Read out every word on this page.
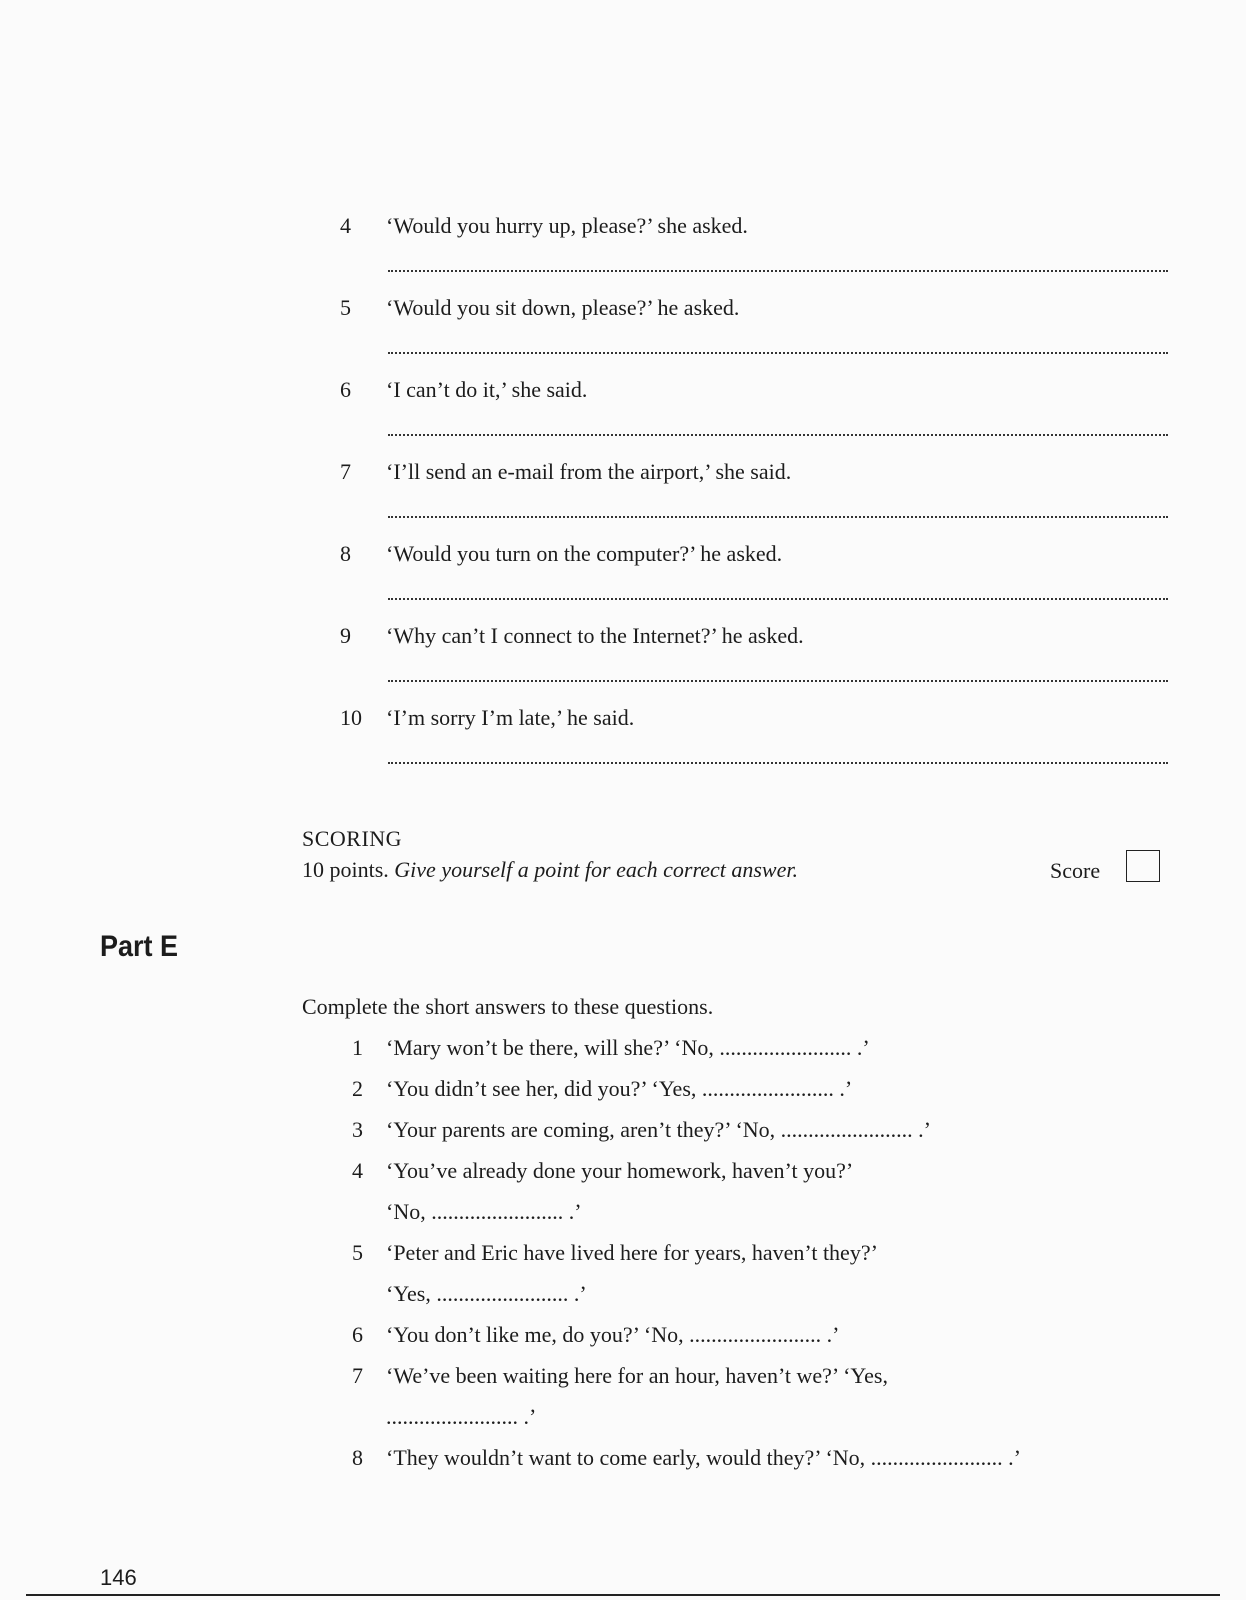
4	‘Would you hurry up, please?’ she asked.
5	‘Would you sit down, please?’ he asked.
6	‘I can’t do it,’ she said.
7	‘I’ll send an e-mail from the airport,’ she said.
8	‘Would you turn on the computer?’ he asked.
9	‘Why can’t I connect to the Internet?’ he asked.
10	‘I’m sorry I’m late,’ he said.
SCORING
10 points. Give yourself a point for each correct answer.	Score
Part E
Complete the short answers to these questions.
1 ‘Mary won’t be there, will she?’ ‘No, ........................ .’
2 ‘You didn’t see her, did you?’ ‘Yes, ........................ .’
3 ‘Your parents are coming, aren’t they?’ ‘No, ........................ .’
4 ‘You’ve already done your homework, haven’t you?’
‘No, ........................ .’
5 ‘Peter and Eric have lived here for years, haven’t they?’
‘Yes, ........................ .’
6 ‘You don’t like me, do you?’ ‘No, ........................ .’
7 ‘We’ve been waiting here for an hour, haven’t we?’ ‘Yes,
........................ .’
8 ‘They wouldn’t want to come early, would they?’ ‘No, ........................ .’
146
